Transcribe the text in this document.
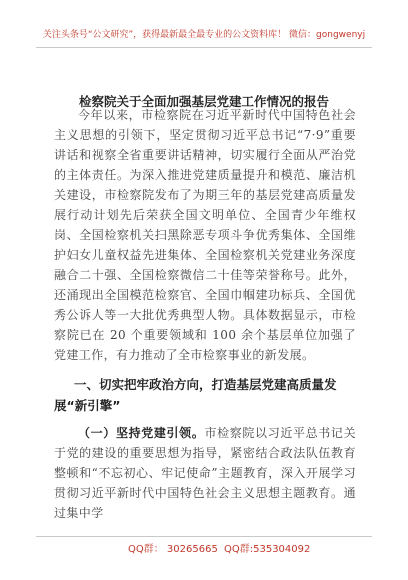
关注头条号“公文研究”，获得最新最全最专业的公文资料库！ 微信：gongwenyj
检察院关于全面加强基层党建工作情况的报告

今年以来，市检察院在习近平新时代中国特色社会主义思想的引领下，坚定贯彻习近平总书记“7·9”重要讲话和视察全省重要讲话精神，切实履行全面从严治党的主体责任。为深入推进党建质量提升和模范、廉洁机关建设，市检察院发布了为期三年的基层党建高质量发展行动计划先后荣获全国文明单位、全国青少年维权岗、全国检察机关扫黑除恶专项斗争优秀集体、全国维护妇女儿童权益先进集体、全国检察机关党建业务深度融合二十强、全国检察微信二十佳等荣誉称号。此外，还涌现出全国模范检察官、全国巾帼建功标兵、全国优秀公诉人等一大批优秀典型人物。具体数据显示，市检察院已在 20 个重要领域和 100 余个基层单位加强了党建工作，有力推动了全市检察事业的新发展。

一、切实把牢政治方向，打造基层党建高质量发展“新引擎”
（一）坚持党建引领。市检察院以习近平总书记关于党的建设的重要思想为指导，紧密结合政法队伍教育整顿和“不忘初心、牢记使命”主题教育，深入开展学习贯彻习近平新时代中国特色社会主义思想主题教育。通过集中学
QQ群： 30265665 QQ群:535304092
